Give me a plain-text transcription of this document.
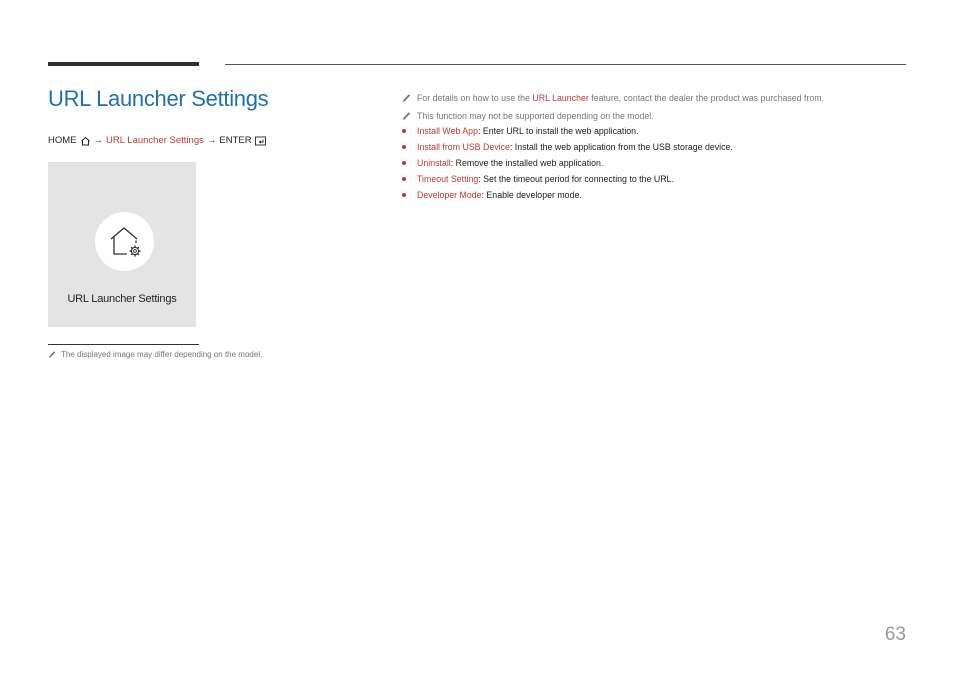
URL Launcher Settings
HOME → URL Launcher Settings → ENTER
URL Launcher Settings
The displayed image may differ depending on the model.
For details on how to use the URL Launcher feature, contact the dealer the product was purchased from.
This function may not be supported depending on the model.
Install Web App: Enter URL to install the web application.
Install from USB Device: Install the web application from the USB storage device.
Uninstall: Remove the installed web application.
Timeout Setting: Set the timeout period for connecting to the URL.
Developer Mode: Enable developer mode.
63
